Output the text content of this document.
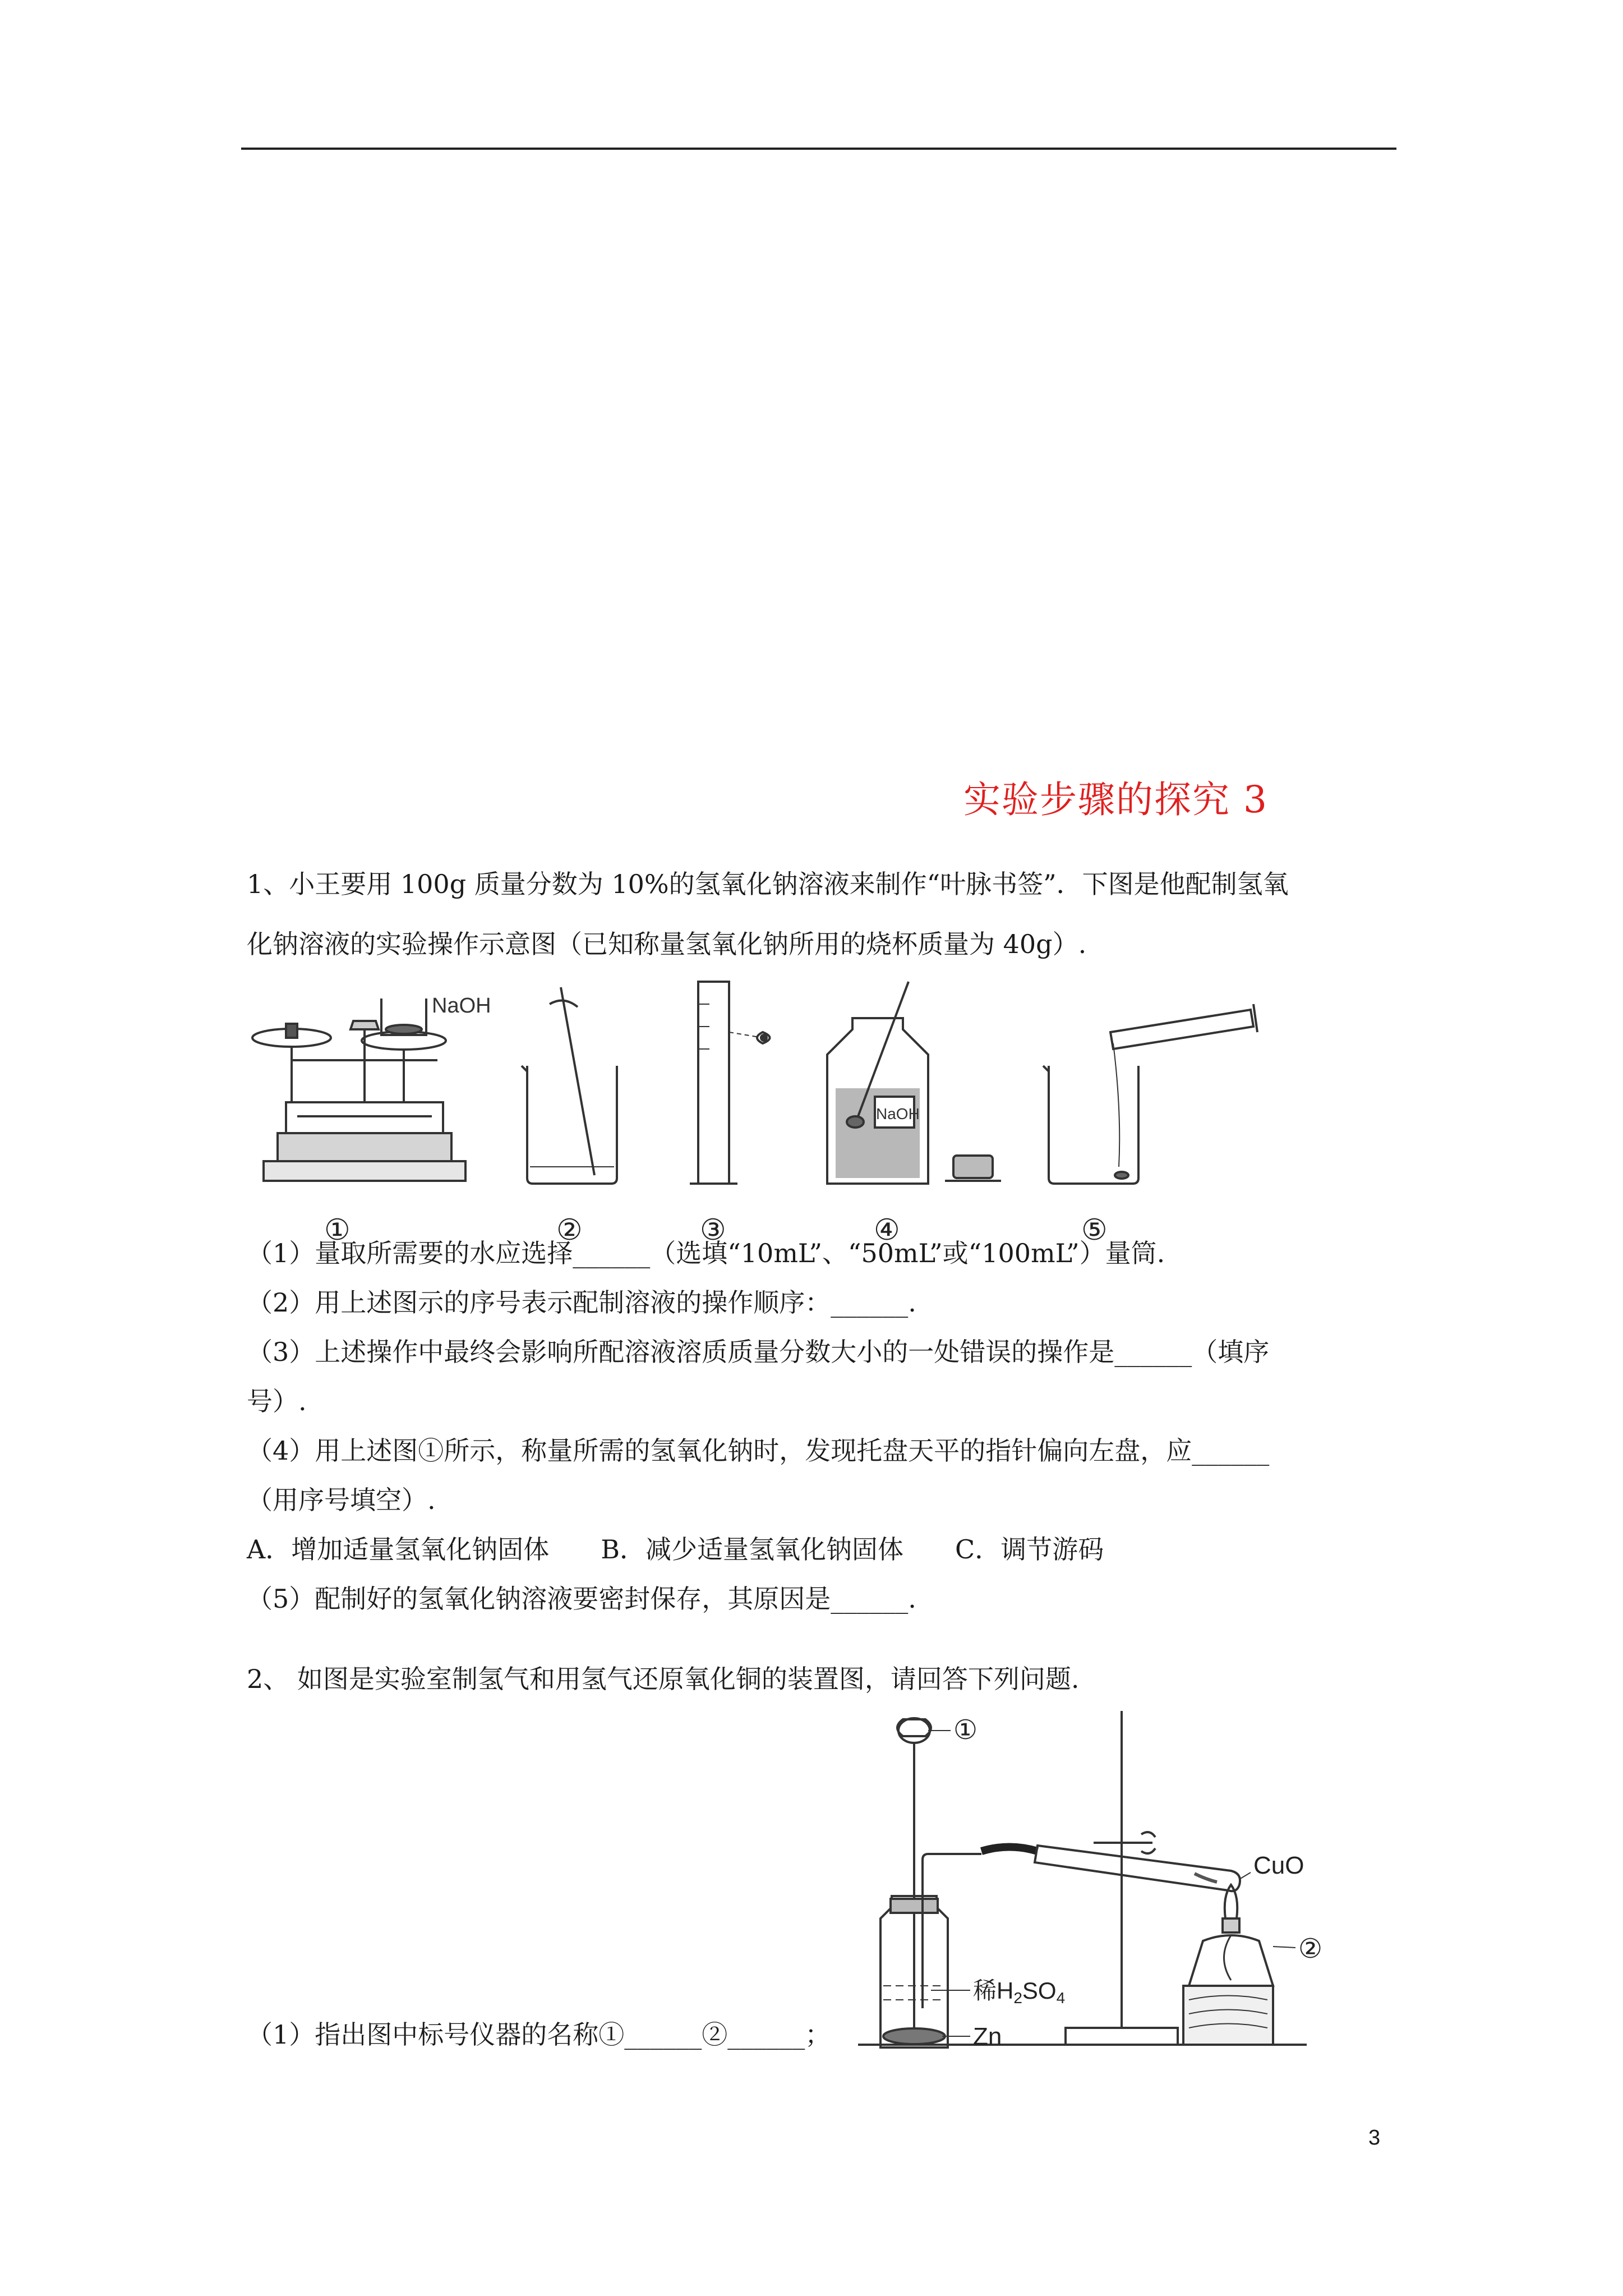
实验步骤的探究 3
1、小王要用 100g 质量分数为 10%的氢氧化钠溶液来制作“叶脉书签”．下图是他配制氢氧
化钠溶液的实验操作示意图（已知称量氢氧化钠所用的烧杯质量为 40g）.
NaOH
NaOH
①	②	③	④	⑤
（1）量取所需要的水应选择______（选填“10mL”、“50mL”或“100mL”）量筒.
（2）用上述图示的序号表示配制溶液的操作顺序：______.
（3）上述操作中最终会影响所配溶液溶质质量分数大小的一处错误的操作是______（填序
号）.
（4）用上述图①所示，称量所需的氢氧化钠时，发现托盘天平的指针偏向左盘，应______
（用序号填空）.
A．增加适量氢氧化钠固体　　B．减少适量氢氧化钠固体　　C．调节游码
（5）配制好的氢氧化钠溶液要密封保存，其原因是______.
2、 如图是实验室制氢气和用氢气还原氧化铜的装置图，请回答下列问题.
①
CuO
②
稀H2SO4
Zn
（1）指出图中标号仪器的名称①______②______；
3
